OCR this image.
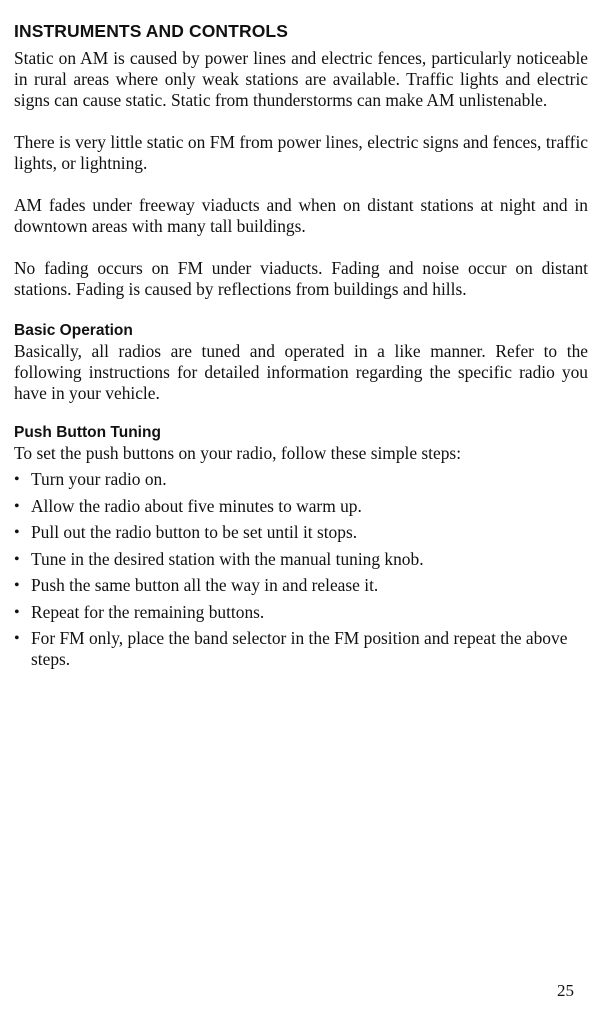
INSTRUMENTS AND CONTROLS

Static on AM is caused by power lines and electric fences, particularly noticeable in rural areas where only weak stations are available. Traffic lights and electric signs can cause static. Static from thunderstorms can make AM unlistenable.

There is very little static on FM from power lines, electric signs and fences, traffic lights, or lightning.

AM fades under freeway viaducts and when on distant stations at night and in downtown areas with many tall buildings.

No fading occurs on FM under viaducts. Fading and noise occur on distant stations. Fading is caused by reflections from buildings and hills.

Basic Operation

Basically, all radios are tuned and operated in a like manner. Refer to the following instructions for detailed information regarding the specific radio you have in your vehicle.

Push Button Tuning

To set the push buttons on your radio, follow these simple steps:

• Turn your radio on.
• Allow the radio about five minutes to warm up.
• Pull out the radio button to be set until it stops.
• Tune in the desired station with the manual tuning knob.
• Push the same button all the way in and release it.
• Repeat for the remaining buttons.
• For FM only, place the band selector in the FM position and repeat the above steps.
25
